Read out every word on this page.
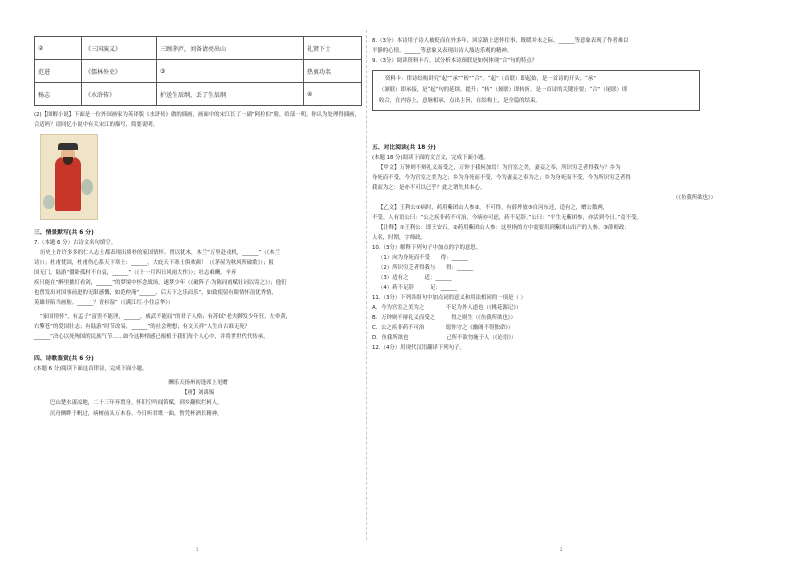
②	《三国演义》	三顾茅庐，刘备请亮出山	礼贤下士
范进	《儒林外史》	③	热衷功名
杨志	《水浒传》	护送生辰纲，丢了生辰纲	④

(2)【图解小说】下面是一位外国画家为英译版《水浒传》做的插画，画面中的宋江长了一副“阿拉伯”脸，给部一明。你认为处理得插画，合适吗？请回忆小说中有关宋江的描写，简要说明。

三、情景默写(共 6 分)

7.（本题 6 分）古诗文名句填空。

历史上许许多多的仁人志士都表现出质朴的家国情怀。曾以犹木，木兰“万里赴戎机，______”（《木兰

诗》）；杜甫忧国，杜甫伤心系天下寒士：______，大庇天下寒士俱欢颜！（《茅屋为秋风所破歌》）；报

国无门，陆游“僵卧孤村不自哀，______”（《十一月四日风雨大作》）；壮志难酬，辛弃

疾只能在“醉里挑灯看剑，______”的梦境中怀念战场，遂梦少年（《破阵子·为陈同甫赋壮词以寄之》）；他们

也曾发出对国事前进的无限感慨，如范仲淹“______，后天下之乐而乐”，如致使留有限情怀浪优秀情，

英雄非陷当画舫。______？青衫湿”（《满江红·小住京华》）

“家国情怀”，有孟子“富贵不能淫，______，威武不能屈”的君子人格；有苏轼“老夫聊发少年狂，左牵黄，

右擎苍”的爱国壮志；有陆游“时节改易，______”的社会理想；有文天祥“人生自古谁无死？

______”决心以死殉国的民族气节……如今这种情感已根植于我们每个人心中，并将世世代代传承。

四、诗歌鉴赏(共 6 分)

(本题 6 分)阅读下面这首律诗，完成下面小题。

酬乐天扬州初逢席上见赠

【唐】刘禹锡

巴山楚水凄凉地，二十三年弃置身。怀旧空吟闻笛赋，到乡翻似烂柯人。

沉舟侧畔千帆过，病树前头万木春。今日听君歌一曲，暂凭杯酒长精神。

8.（3分）本诗用子诗人被贬而在外多年，回京路上思怀往事，既暖并未之际，______等意象表现了作者难以

平静的心情。______等意象又表现出诗人豁达乐观的精神。

9.（3分）阅读资料卡片，试分析本诗颈联是如何体现“合”句的特点？

资料卡：律诗结构讲究“起”“承”“转”“合”。“起”（首联）即起始，是一首诗的开头；“承”

（颔联）即承接，是“起”句的延续、提升；“转”（颈联）即转折，是一首诗的关键诠要；“合”（尾联）即

收合，在内容上，意脉相承，点出主旨，在结构上，是全篇的结束。

五、对比阅读(共 18 分)

(本题 18 分)阅读下面的文言文，完成下面小题。

【甲文】万钟则不辩礼义而受之，万钟于我何加焉！为宫室之美，妻妾之奉，所识穷乏者得我与？乡为

身死而不受，今为宫室之美为之；乡为身死而不受，今为妻妾之奉为之；乡为身死而不受，今为所识穷乏者得

我而为之：是亦不可以已乎？此之谓失其本心。

（《鱼我所欲也》）

【乙文】王利公①病时，药用紫团山人参②。不可得。有薛斧放③自河东还，适有之，赠公数两，

不受。人有语公曰：“公之疾非药不可治，今病亦可虑，药不足辞。”公曰：“平生无紫团参，亦活到今日。”竟不受。

【注释】①王利公：即王安石。②药用紫团山人参：这里指的方中需要用到紫团山出产的人参。③薛师政：

人名，时期，字师政。

10.（3分）解释下列句子中加点的字的意思。

（1）向为身死而不受　　得：______

（2）所识穷乏者得我与　　得：______

（3）适有之　　　适：______

（4）药不足辞　　　足：______

11.（3分）下列各组句中加点词的意义和用法相同的一项是（ ）

A．今为宫室之美为之　　　　不足为外人道也（《桃花源记》）

B．万钟则不辩礼义而受之　　　得之则生（《鱼我所欲也》）

C．公之疾非药不可治　　　　愿你守之《幽阁不得独命》）

D．鱼我所欲也　　　　　　　己所不欲勿施于人（《论语》）

12.（4分）用现代汉语翻译下列句子。

1	2
